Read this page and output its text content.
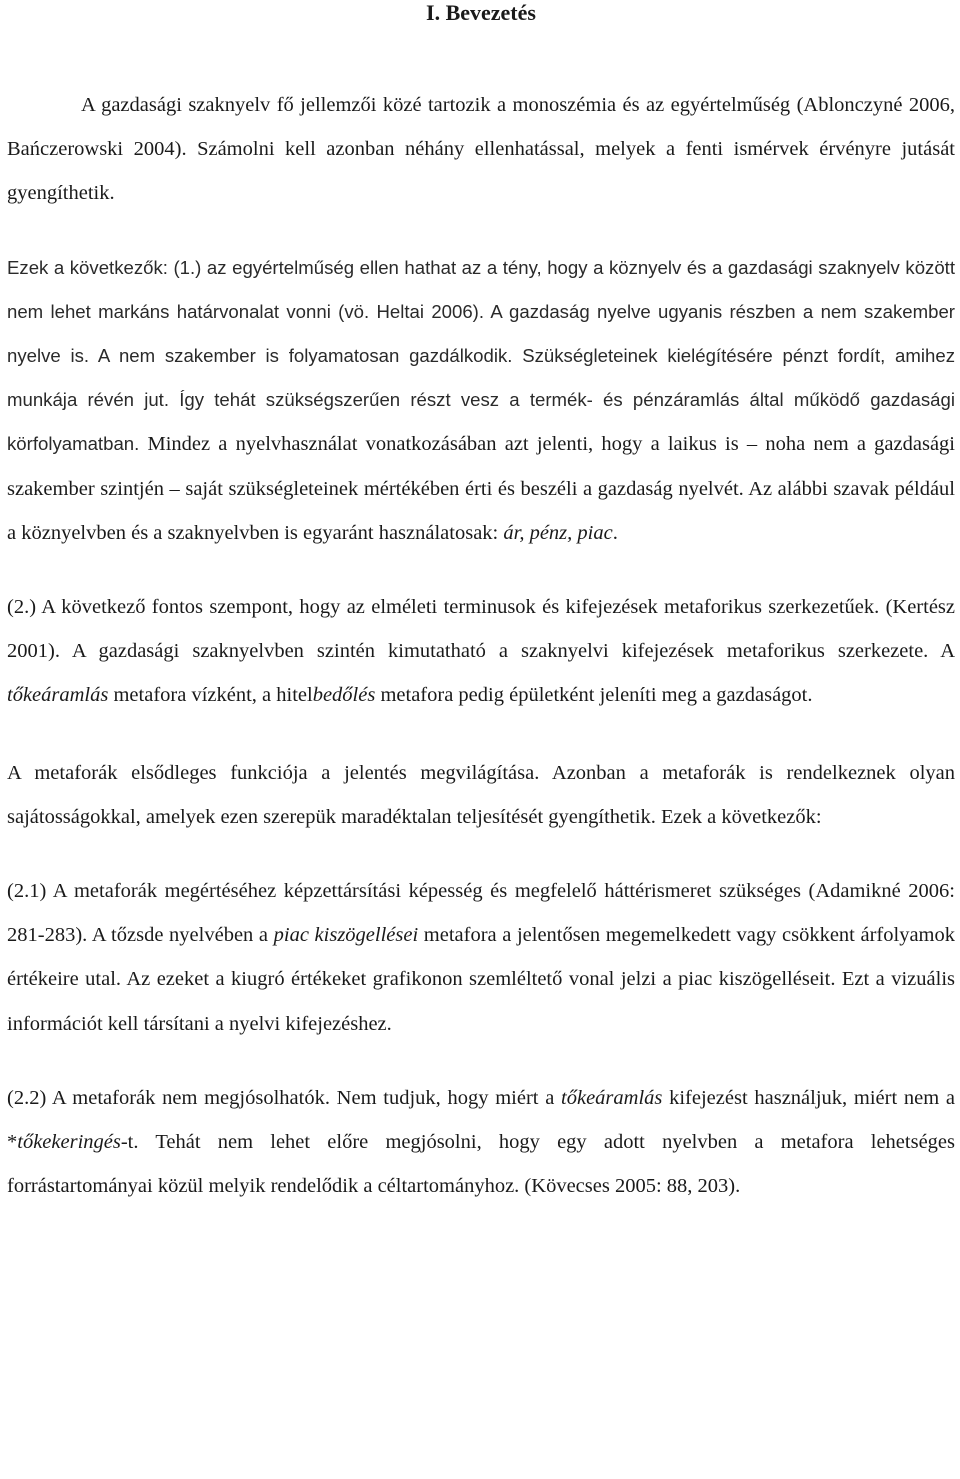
I. Bevezetés

A gazdasági szaknyelv fő jellemzői közé tartozik a monoszémia és az egyértelműség (Ablonczyné 2006, Bańczerowski 2004). Számolni kell azonban néhány ellenhatással, melyek a fenti ismérvek érvényre jutását gyengíthetik.

Ezek a következők: (1.) az egyértelműség ellen hathat az a tény, hogy a köznyelv és a gazdasági szaknyelv között nem lehet markáns határvonalat vonni (vö. Heltai 2006). A gazdaság nyelve ugyanis részben a nem szakember nyelve is. A nem szakember is folyamatosan gazdálkodik. Szükségleteinek kielégítésére pénzt fordít, amihez munkája révén jut. Így tehát szükségszerűen részt vesz a termék- és pénzáramlás által működő gazdasági körfolyamatban. Mindez a nyelvhasználat vonatkozásában azt jelenti, hogy a laikus is – noha nem a gazdasági szakember szintjén – saját szükségleteinek mértékében érti és beszéli a gazdaság nyelvét. Az alábbi szavak például a köznyelvben és a szaknyelvben is egyaránt használatosak: ár, pénz, piac.

(2.) A következő fontos szempont, hogy az elméleti terminusok és kifejezések metaforikus szerkezetűek. (Kertész 2001). A gazdasági szaknyelvben szintén kimutatható a szaknyelvi kifejezések metaforikus szerkezete. A tőkeáramlás metafora vízként, a hitelbedőlés metafora pedig épületként jeleníti meg a gazdaságot.

A metaforák elsődleges funkciója a jelentés megvilágítása. Azonban a metaforák is rendelkeznek olyan sajátosságokkal, amelyek ezen szerepük maradéktalan teljesítését gyengíthetik. Ezek a következők:

(2.1) A metaforák megértéséhez képzettársítási képesség és megfelelő háttérismeret szükséges (Adamikné 2006: 281-283). A tőzsde nyelvében a piac kiszögellései metafora a jelentősen megemelkedett vagy csökkent árfolyamok értékeire utal. Az ezeket a kiugró értékeket grafikonon szemléltető vonal jelzi a piac kiszögelléseit. Ezt a vizuális információt kell társítani a nyelvi kifejezéshez.

(2.2) A metaforák nem megjósolhatók. Nem tudjuk, hogy miért a tőkeáramlás kifejezést használjuk, miért nem a *tőkekeringés-t. Tehát nem lehet előre megjósolni, hogy egy adott nyelvben a metafora lehetséges forrástartományai közül melyik rendelődik a céltartományhoz. (Kövecses 2005: 88, 203).
